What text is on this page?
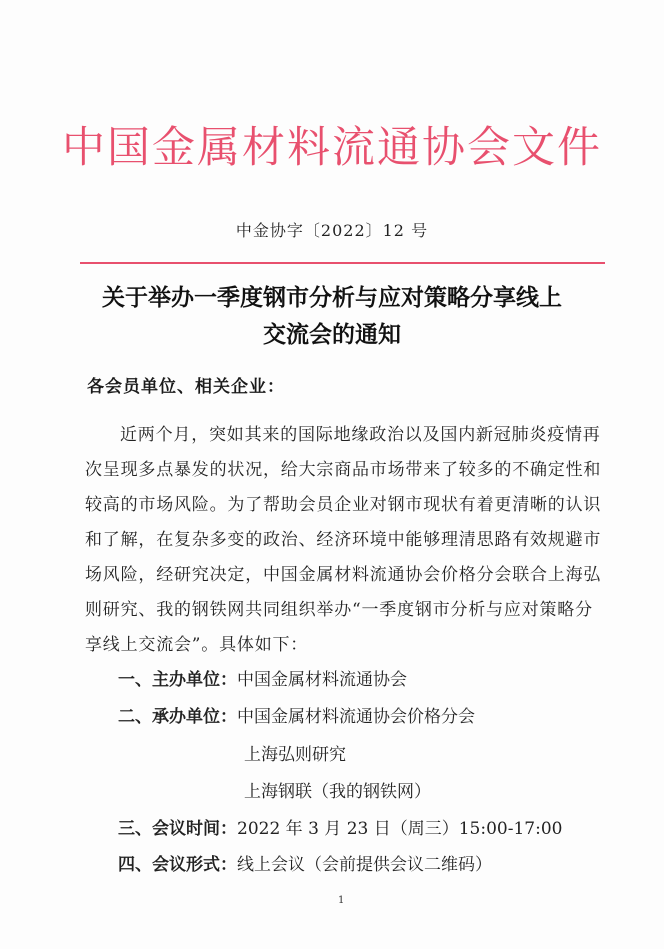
中国金属材料流通协会文件
中金协字〔2022〕12 号
关于举办一季度钢市分析与应对策略分享线上
交流会的通知
各会员单位、相关企业：
近两个月，突如其来的国际地缘政治以及国内新冠肺炎疫情再
次呈现多点暴发的状况，给大宗商品市场带来了较多的不确定性和
较高的市场风险。为了帮助会员企业对钢市现状有着更清晰的认识
和了解，在复杂多变的政治、经济环境中能够理清思路有效规避市
场风险，经研究决定，中国金属材料流通协会价格分会联合上海弘
则研究、我的钢铁网共同组织举办“一季度钢市分析与应对策略分
享线上交流会”。具体如下：
一、主办单位：中国金属材料流通协会
二、承办单位：中国金属材料流通协会价格分会
上海弘则研究
上海钢联（我的钢铁网）
三、会议时间：2022 年 3 月 23 日（周三）15:00-17:00
四、会议形式：线上会议（会前提供会议二维码）
1
